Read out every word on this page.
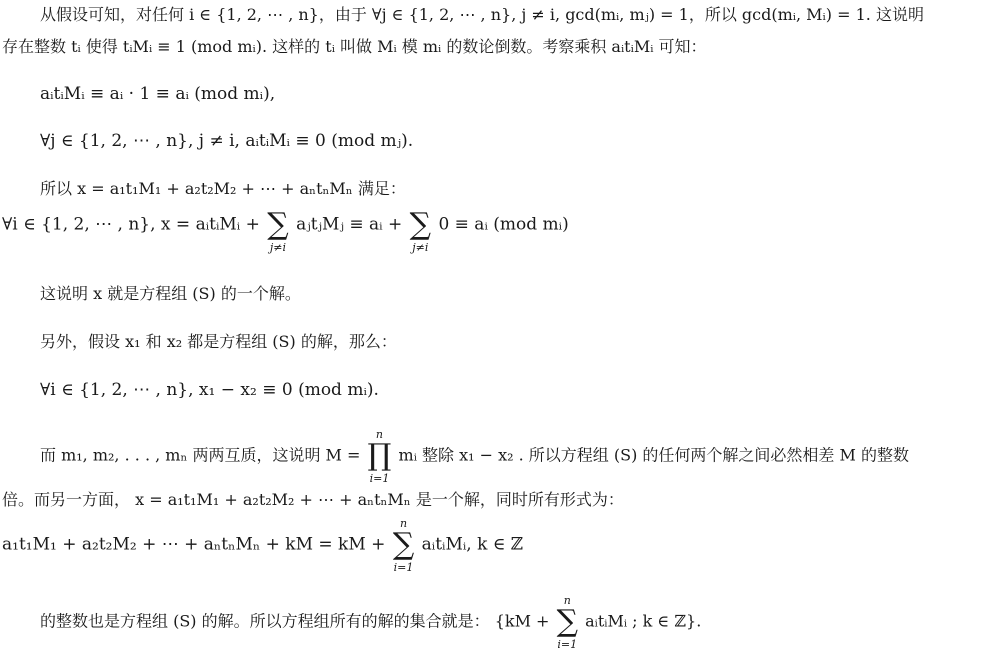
从假设可知，对任何 i ∈ {1, 2, ⋯ , n}，由于 ∀j ∈ {1, 2, ⋯ , n}, j ≠ i, gcd(mᵢ, mⱼ) = 1，所以 gcd(mᵢ, Mᵢ) = 1. 这说明
存在整数 tᵢ 使得 tᵢMᵢ ≡ 1 (mod mᵢ). 这样的 tᵢ 叫做 Mᵢ 模 mᵢ 的数论倒数。考察乘积 aᵢtᵢMᵢ 可知：
aᵢtᵢMᵢ ≡ aᵢ · 1 ≡ aᵢ (mod mᵢ),
∀j ∈ {1, 2, ⋯ , n}, j ≠ i, aᵢtᵢMᵢ ≡ 0 (mod mⱼ).
所以 x = a₁t₁M₁ + a₂t₂M₂ + ⋯ + aₙtₙMₙ 满足：
∀i ∈ {1, 2, ⋯ , n}, x = aᵢtᵢMᵢ + ∑
j≠i
aⱼtⱼMⱼ ≡ aᵢ + ∑
j≠i
0 ≡ aᵢ (mod mᵢ)
这说明 x 就是方程组 (S) 的一个解。
另外，假设 x₁ 和 x₂ 都是方程组 (S) 的解，那么：
∀i ∈ {1, 2, ⋯ , n}, x₁ − x₂ ≡ 0 (mod mᵢ).
而 m₁, m₂, . . . , mₙ 两两互质，这说明 M = ∏
n
i=1
mᵢ 整除 x₁ − x₂ . 所以方程组 (S) 的任何两个解之间必然相差 M 的整数
倍。而另一方面， x = a₁t₁M₁ + a₂t₂M₂ + ⋯ + aₙtₙMₙ 是一个解，同时所有形式为：
a₁t₁M₁ + a₂t₂M₂ + ⋯ + aₙtₙMₙ + kM = kM + ∑
n
i=1
aᵢtᵢMᵢ, k ∈ ℤ
的整数也是方程组 (S) 的解。所以方程组所有的解的集合就是： {kM + ∑
n
i=1
aᵢtᵢMᵢ ; k ∈ ℤ}.
